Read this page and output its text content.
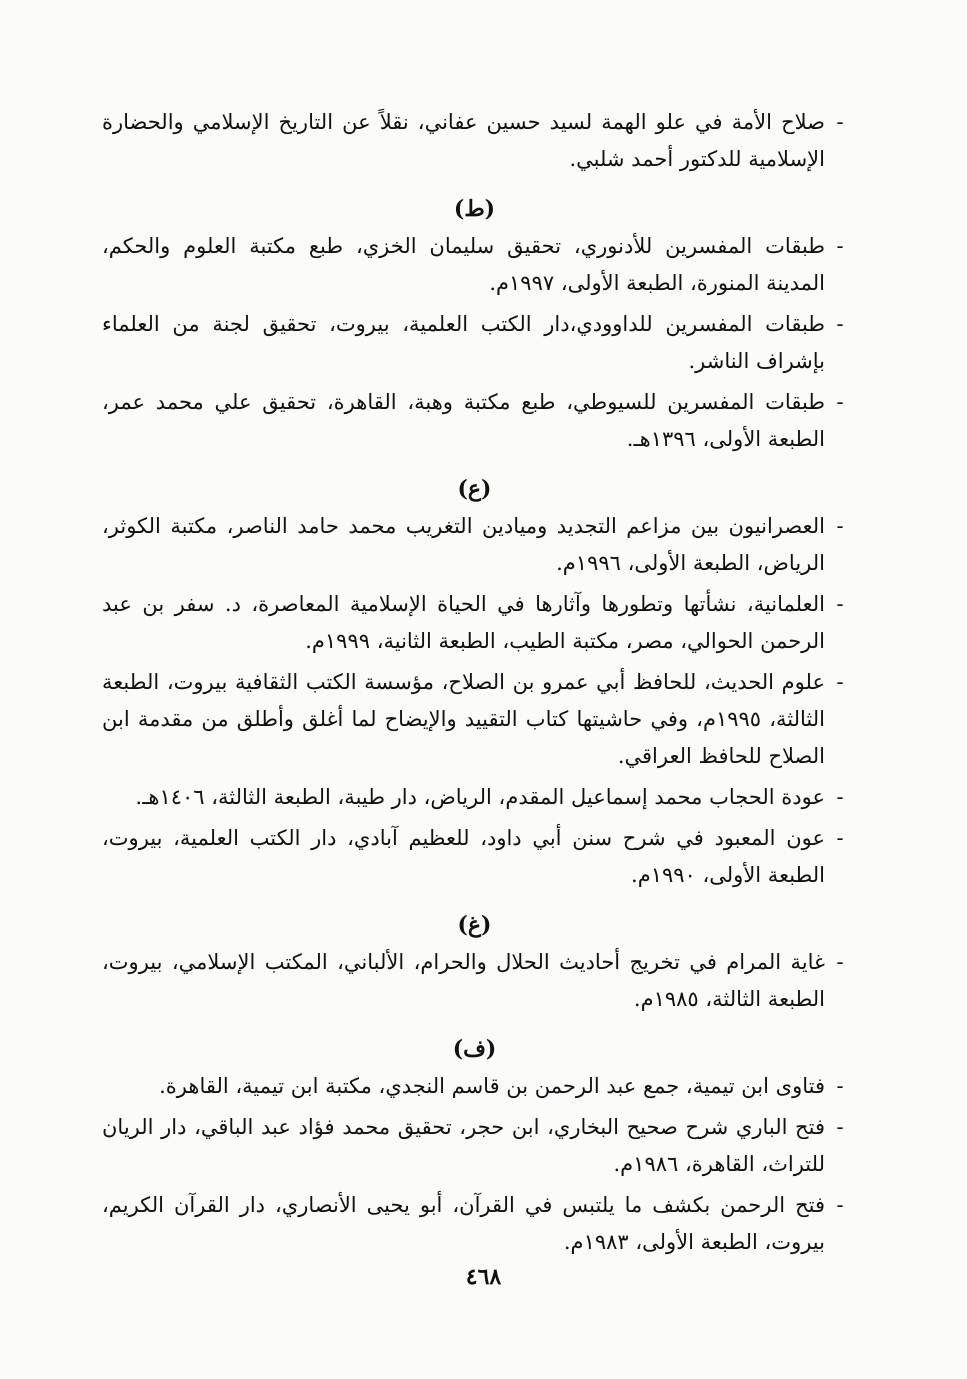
-
صلاح الأمة في علو الهمة لسيد حسين عفاني، نقلاً عن التاريخ الإسلامي والحضارة الإسلامية للدكتور أحمد شلبي.
(ط)
-
طبقات المفسرين للأدنوري، تحقيق سليمان الخزي، طبع مكتبة العلوم والحكم، المدينة المنورة، الطبعة الأولى، ١٩٩٧م.
-
طبقات المفسرين للداوودي،دار الكتب العلمية، بيروت، تحقيق لجنة من العلماء بإشراف الناشر.
-
طبقات المفسرين للسيوطي، طبع مكتبة وهبة، القاهرة، تحقيق علي محمد عمر، الطبعة الأولى، ١٣٩٦هـ.
(ع)
-
العصرانيون بين مزاعم التجديد وميادين التغريب محمد حامد الناصر، مكتبة الكوثر، الرياض، الطبعة الأولى، ١٩٩٦م.
-
العلمانية، نشأتها وتطورها وآثارها في الحياة الإسلامية المعاصرة، د. سفر بن عبد الرحمن الحوالي، مصر، مكتبة الطيب، الطبعة الثانية، ١٩٩٩م.
-
علوم الحديث، للحافظ أبي عمرو بن الصلاح، مؤسسة الكتب الثقافية بيروت، الطبعة الثالثة، ١٩٩٥م، وفي حاشيتها كتاب التقييد والإيضاح لما أغلق وأطلق من مقدمة ابن الصلاح للحافظ العراقي.
-
عودة الحجاب محمد إسماعيل المقدم، الرياض، دار طيبة، الطبعة الثالثة، ١٤٠٦هـ.
-
عون المعبود في شرح سنن أبي داود، للعظيم آبادي، دار الكتب العلمية، بيروت، الطبعة الأولى، ١٩٩٠م.
(غ)
-
غاية المرام في تخريج أحاديث الحلال والحرام، الألباني، المكتب الإسلامي، بيروت، الطبعة الثالثة، ١٩٨٥م.
(ف)
-
فتاوى ابن تيمية، جمع عبد الرحمن بن قاسم النجدي، مكتبة ابن تيمية، القاهرة.
-
فتح الباري شرح صحيح البخاري، ابن حجر، تحقيق محمد فؤاد عبد الباقي، دار الريان للتراث، القاهرة، ١٩٨٦م.
-
فتح الرحمن بكشف ما يلتبس في القرآن، أبو يحيى الأنصاري، دار القرآن الكريم، بيروت، الطبعة الأولى، ١٩٨٣م.
٤٦٨
